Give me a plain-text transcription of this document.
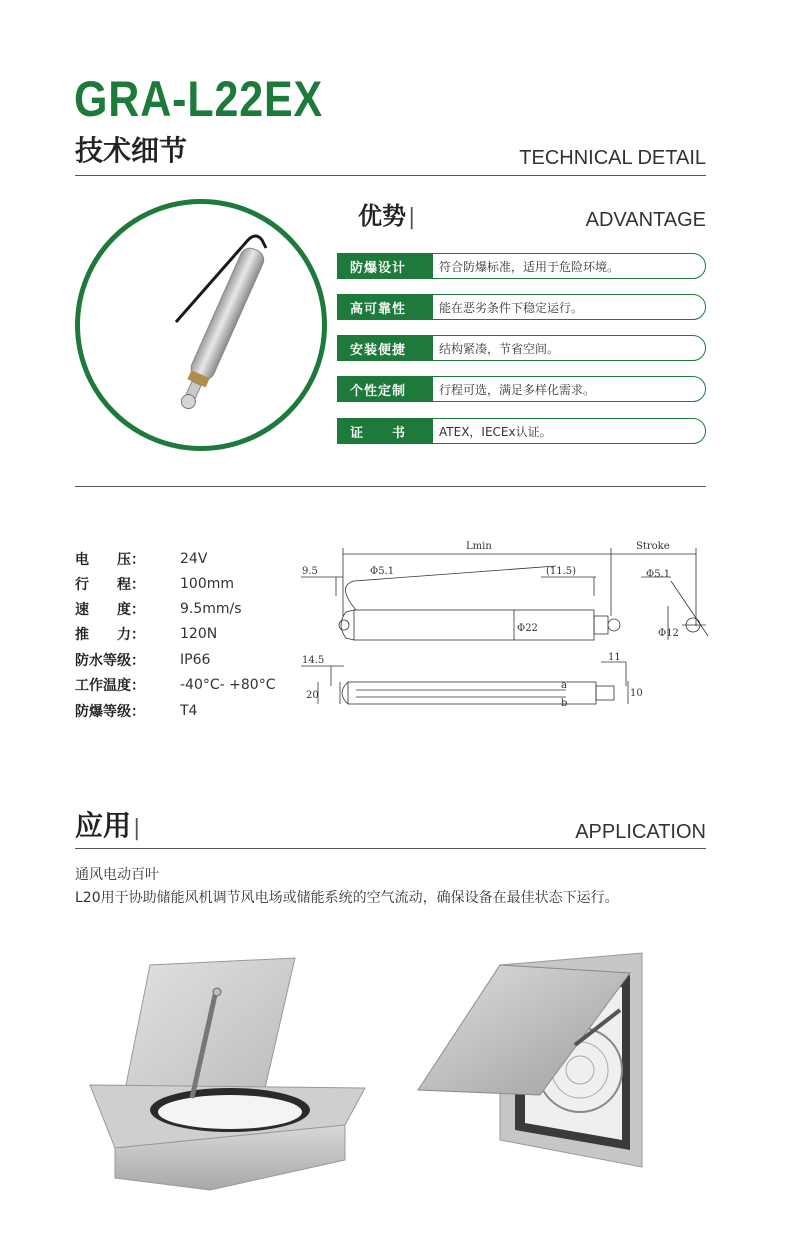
GRA-L22EX
技术细节	TECHNICAL DETAIL
优势|	ADVANTAGE
防爆设计	符合防爆标准，适用于危险环境。
高可靠性	能在恶劣条件下稳定运行。
安装便捷	结构紧凑，节省空间。
个性定制	行程可选，满足多样化需求。
证　　书	ATEX，IECEx认证。
电　　压：	24V
行　　程：	100mm
速　　度：	9.5mm/s
推　　力：	120N
防水等级：	IP66
工作温度：	-40°C- +80°C
防爆等级：	T4
Lmin	Stroke
9.5	Φ5.1	(11.5)	Φ5.1
Φ22	Φ12
14.5	11
20	10
a
b
应用|	APPLICATION
通风电动百叶
L20用于协助储能风机调节风电场或储能系统的空气流动，确保设备在最佳状态下运行。
